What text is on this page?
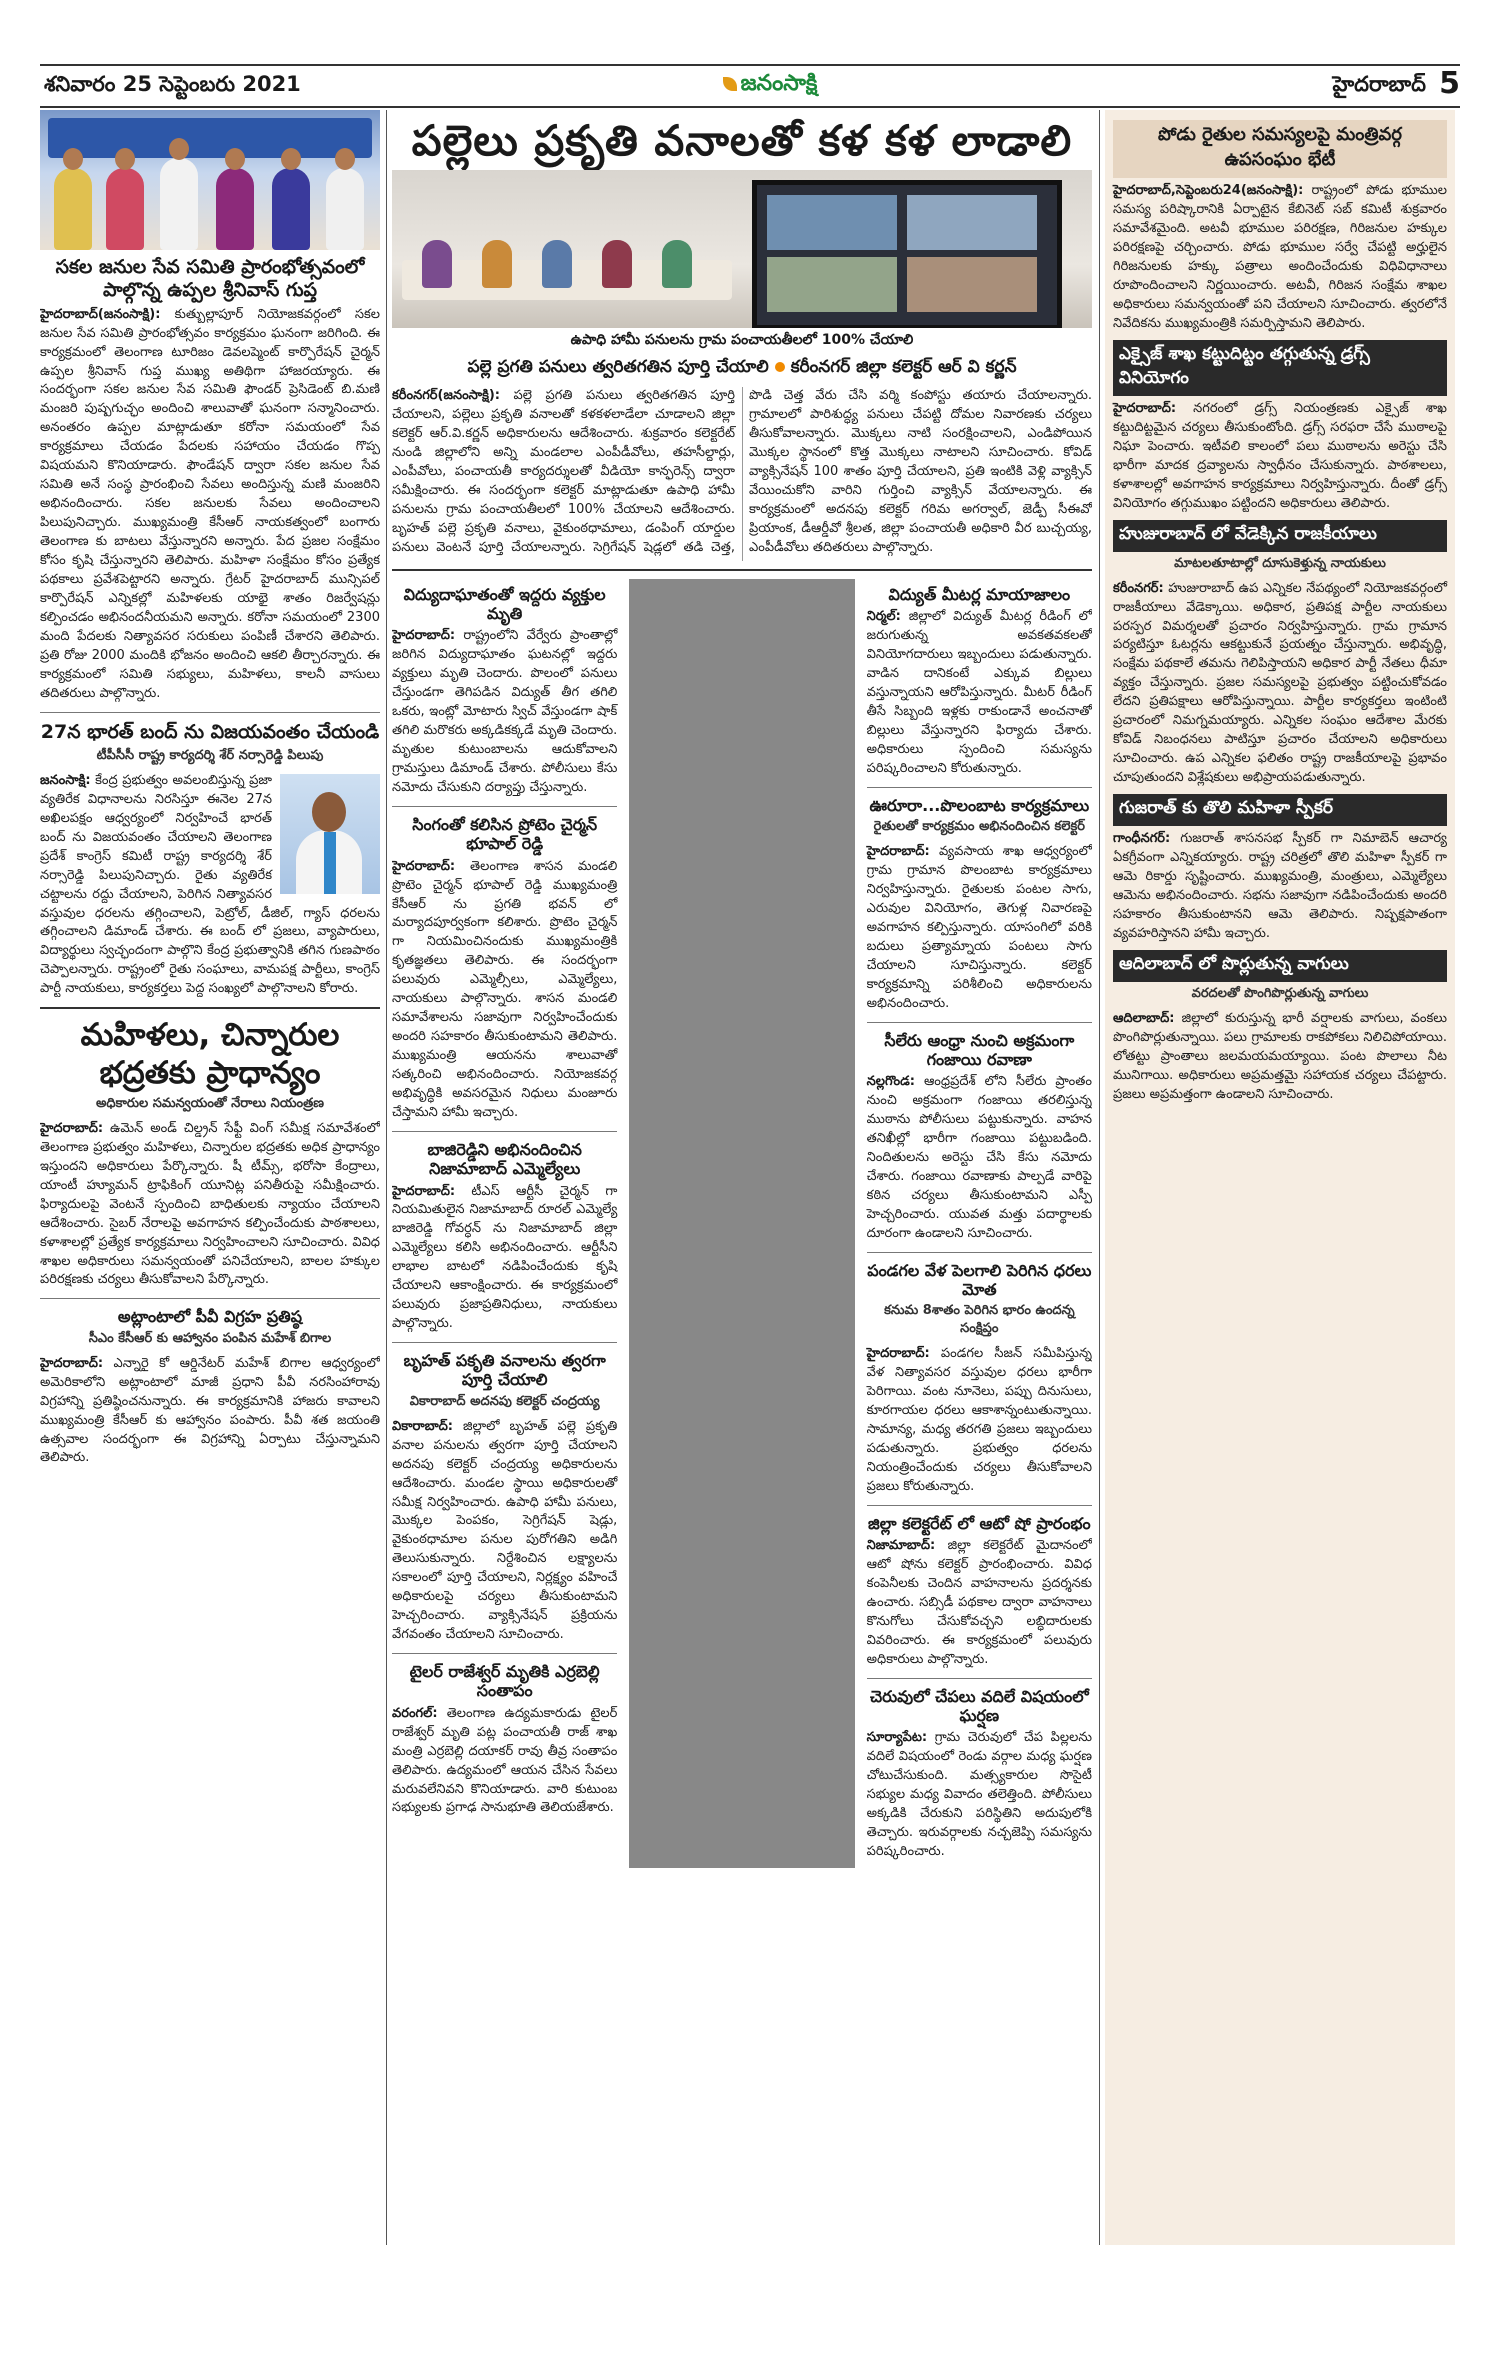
శనివారం 25 సెప్టెంబరు 2021	జనంసాక్షి	హైదరాబాద్ 5
సకల జనుల సేవ సమితి ప్రారంభోత్సవంలో పాల్గొన్న ఉప్పల శ్రీనివాస్ గుప్త

హైదరాబాద్(జనంసాక్షి): కుత్బుల్లాపూర్ నియోజకవర్గంలో సకల జనుల సేవ సమితి ప్రారంభోత్సవం కార్యక్రమం ఘనంగా జరిగింది. ఈ కార్యక్రమంలో తెలంగాణ టూరిజం డెవలప్మెంట్ కార్పొరేషన్ చైర్మన్ ఉప్పల శ్రీనివాస్ గుప్త ముఖ్య అతిథిగా హాజరయ్యారు. ఈ సందర్భంగా సకల జనుల సేవ సమితి ఫౌండర్ ప్రెసిడెంట్ బి.మణి మంజరి పుష్పగుచ్ఛం అందించి శాలువాతో ఘనంగా సన్మానించారు. అనంతరం ఉప్పల మాట్లాడుతూ కరోనా సమయంలో సేవ కార్యక్రమాలు చేయడం పేదలకు సహాయం చేయడం గొప్ప విషయమని కొనియాడారు. ఫౌండేషన్ ద్వారా సకల జనుల సేవ సమితి అనే సంస్థ ప్రారంభించి సేవలు అందిస్తున్న మణి మంజరిని అభినందించారు. సకల జనులకు సేవలు అందించాలని పిలుపునిచ్చారు. ముఖ్యమంత్రి కేసీఆర్ నాయకత్వంలో బంగారు తెలంగాణ కు బాటలు వేస్తున్నారని అన్నారు. పేద ప్రజల సంక్షేమం కోసం కృషి చేస్తున్నారని తెలిపారు. మహిళా సంక్షేమం కోసం ప్రత్యేక పథకాలు ప్రవేశపెట్టారని అన్నారు. గ్రేటర్ హైదరాబాద్ మున్సిపల్ కార్పొరేషన్ ఎన్నికల్లో మహిళలకు యాభై శాతం రిజర్వేషన్లు కల్పించడం అభినందనీయమని అన్నారు. కరోనా సమయంలో 2300 మంది పేదలకు నిత్యావసర సరుకులు పంపిణీ చేశారని తెలిపారు. ప్రతి రోజు 2000 మందికి భోజనం అందించి ఆకలి తీర్చారన్నారు. ఈ కార్యక్రమంలో సమితి సభ్యులు, మహిళలు, కాలనీ వాసులు తదితరులు పాల్గొన్నారు.

27న భారత్ బంద్ ను విజయవంతం చేయండి
టీపీసీసీ రాష్ట్ర కార్యదర్శి శేర్ నర్సారెడ్డి పిలుపు

జనంసాక్షి: కేంద్ర ప్రభుత్వం అవలంబిస్తున్న ప్రజా వ్యతిరేక విధానాలను నిరసిస్తూ ఈనెల 27న అఖిలపక్షం ఆధ్వర్యంలో నిర్వహించే భారత్ బంద్ ను విజయవంతం చేయాలని తెలంగాణ ప్రదేశ్ కాంగ్రెస్ కమిటీ రాష్ట్ర కార్యదర్శి శేర్ నర్సారెడ్డి పిలుపునిచ్చారు. రైతు వ్యతిరేక చట్టాలను రద్దు చేయాలని, పెరిగిన నిత్యావసర వస్తువుల ధరలను తగ్గించాలని, పెట్రోల్, డీజిల్, గ్యాస్ ధరలను తగ్గించాలని డిమాండ్ చేశారు. ఈ బంద్ లో ప్రజలు, వ్యాపారులు, విద్యార్థులు స్వచ్ఛందంగా పాల్గొని కేంద్ర ప్రభుత్వానికి తగిన గుణపాఠం చెప్పాలన్నారు. రాష్ట్రంలో రైతు సంఘాలు, వామపక్ష పార్టీలు, కాంగ్రెస్ పార్టీ నాయకులు, కార్యకర్తలు పెద్ద సంఖ్యలో పాల్గొనాలని కోరారు.

మహిళలు, చిన్నారుల భద్రతకు ప్రాధాన్యం
అధికారుల సమన్వయంతో నేరాలు నియంత్రణ

హైదరాబాద్: ఉమెన్ అండ్ చిల్డ్రన్ సేఫ్టీ వింగ్ సమీక్ష సమావేశంలో తెలంగాణ ప్రభుత్వం మహిళలు, చిన్నారుల భద్రతకు అధిక ప్రాధాన్యం ఇస్తుందని అధికారులు పేర్కొన్నారు. షీ టీమ్స్, భరోసా కేంద్రాలు, యాంటీ హ్యూమన్ ట్రాఫికింగ్ యూనిట్ల పనితీరుపై సమీక్షించారు. ఫిర్యాదులపై వెంటనే స్పందించి బాధితులకు న్యాయం చేయాలని ఆదేశించారు. సైబర్ నేరాలపై అవగాహన కల్పించేందుకు పాఠశాలలు, కళాశాలల్లో ప్రత్యేక కార్యక్రమాలు నిర్వహించాలని సూచించారు. వివిధ శాఖల అధికారులు సమన్వయంతో పనిచేయాలని, బాలల హక్కుల పరిరక్షణకు చర్యలు తీసుకోవాలని పేర్కొన్నారు.

అట్లాంటాలో పీవీ విగ్రహ ప్రతిష్ఠ
సీఎం కేసీఆర్ కు ఆహ్వానం పంపిన మహేశ్ బిగాల

హైదరాబాద్: ఎన్నారై కో ఆర్డినేటర్ మహేశ్ బిగాల ఆధ్వర్యంలో అమెరికాలోని అట్లాంటాలో మాజీ ప్రధాని పీవీ నరసింహారావు విగ్రహాన్ని ప్రతిష్ఠించనున్నారు. ఈ కార్యక్రమానికి హాజరు కావాలని ముఖ్యమంత్రి కేసీఆర్ కు ఆహ్వానం పంపారు. పీవీ శత జయంతి ఉత్సవాల సందర్భంగా ఈ విగ్రహాన్ని ఏర్పాటు చేస్తున్నామని తెలిపారు.

పల్లెలు ప్రకృతి వనాలతో కళ కళ లాడాలి
ఉపాధి హామీ పనులను గ్రామ పంచాయతీలలో 100% చేయాలి
పల్లె ప్రగతి పనులు త్వరితగతిన పూర్తి చేయాలి కరీంనగర్ జిల్లా కలెక్టర్ ఆర్ వి కర్ణన్

కరీంనగర్(జనంసాక్షి): పల్లె ప్రగతి పనులు త్వరితగతిన పూర్తి చేయాలని, పల్లెలు ప్రకృతి వనాలతో కళకళలాడేలా చూడాలని జిల్లా కలెక్టర్ ఆర్.వి.కర్ణన్ అధికారులను ఆదేశించారు. శుక్రవారం కలెక్టరేట్ నుండి జిల్లాలోని అన్ని మండలాల ఎంపీడీవోలు, తహసీల్దార్లు, ఎంపీవోలు, పంచాయతీ కార్యదర్శులతో వీడియో కాన్ఫరెన్స్ ద్వారా సమీక్షించారు. ఈ సందర్భంగా కలెక్టర్ మాట్లాడుతూ ఉపాధి హామీ పనులను గ్రామ పంచాయతీలలో 100% చేయాలని ఆదేశించారు. బృహత్ పల్లె ప్రకృతి వనాలు, వైకుంఠధామాలు, డంపింగ్ యార్డుల పనులు వెంటనే పూర్తి చేయాలన్నారు. సెగ్రిగేషన్ షెడ్లలో తడి చెత్త, పొడి చెత్త వేరు చేసి వర్మి కంపోస్టు తయారు చేయాలన్నారు. గ్రామాలలో పారిశుద్ధ్య పనులు చేపట్టి దోమల నివారణకు చర్యలు తీసుకోవాలన్నారు. మొక్కలు నాటి సంరక్షించాలని, ఎండిపోయిన మొక్కల స్థానంలో కొత్త మొక్కలు నాటాలని సూచించారు. కోవిడ్ వ్యాక్సినేషన్ 100 శాతం పూర్తి చేయాలని, ప్రతి ఇంటికి వెళ్లి వ్యాక్సిన్ వేయించుకోని వారిని గుర్తించి వ్యాక్సిన్ వేయాలన్నారు. ఈ కార్యక్రమంలో అదనపు కలెక్టర్ గరిమ అగర్వాల్, జెడ్పీ సీఈవో ప్రియాంక, డీఆర్డీవో శ్రీలత, జిల్లా పంచాయతీ అధికారి వీర బుచ్చయ్య, ఎంపీడీవోలు తదితరులు పాల్గొన్నారు.

విద్యుదాఘాతంతో ఇద్దరు వ్యక్తుల మృతి

హైదరాబాద్: రాష్ట్రంలోని వేర్వేరు ప్రాంతాల్లో జరిగిన విద్యుదాఘాతం ఘటనల్లో ఇద్దరు వ్యక్తులు మృతి చెందారు. పొలంలో పనులు చేస్తుండగా తెగిపడిన విద్యుత్ తీగ తగిలి ఒకరు, ఇంట్లో మోటారు స్విచ్ వేస్తుండగా షాక్ తగిలి మరొకరు అక్కడికక్కడే మృతి చెందారు. మృతుల కుటుంబాలను ఆదుకోవాలని గ్రామస్తులు డిమాండ్ చేశారు. పోలీసులు కేసు నమోదు చేసుకుని దర్యాప్తు చేస్తున్నారు.

సింగంతో కలిసిన ప్రోటెం చైర్మన్ భూపాల్ రెడ్డి

హైదరాబాద్: తెలంగాణ శాసన మండలి ప్రొటెం చైర్మన్ భూపాల్ రెడ్డి ముఖ్యమంత్రి కేసీఆర్ ను ప్రగతి భవన్ లో మర్యాదపూర్వకంగా కలిశారు. ప్రొటెం చైర్మన్ గా నియమించినందుకు ముఖ్యమంత్రికి కృతజ్ఞతలు తెలిపారు. ఈ సందర్భంగా పలువురు ఎమ్మెల్సీలు, ఎమ్మెల్యేలు, నాయకులు పాల్గొన్నారు. శాసన మండలి సమావేశాలను సజావుగా నిర్వహించేందుకు అందరి సహకారం తీసుకుంటామని తెలిపారు. ముఖ్యమంత్రి ఆయనను శాలువాతో సత్కరించి అభినందించారు. నియోజకవర్గ అభివృద్ధికి అవసరమైన నిధులు మంజూరు చేస్తామని హామీ ఇచ్చారు.

బాజిరెడ్డిని అభినందించిన నిజామాబాద్ ఎమ్మెల్యేలు

హైదరాబాద్: టీఎస్ ఆర్టీసీ చైర్మన్ గా నియమితులైన నిజామాబాద్ రూరల్ ఎమ్మెల్యే బాజిరెడ్డి గోవర్ధన్ ను నిజామాబాద్ జిల్లా ఎమ్మెల్యేలు కలిసి అభినందించారు. ఆర్టీసీని లాభాల బాటలో నడిపించేందుకు కృషి చేయాలని ఆకాంక్షించారు. ఈ కార్యక్రమంలో పలువురు ప్రజాప్రతినిధులు, నాయకులు పాల్గొన్నారు.

బృహత్ పకృతి వనాలను త్వరగా పూర్తి చేయాలి
వికారాబాద్ అదనపు కలెక్టర్ చంద్రయ్య

వికారాబాద్: జిల్లాలో బృహత్ పల్లె ప్రకృతి వనాల పనులను త్వరగా పూర్తి చేయాలని అదనపు కలెక్టర్ చంద్రయ్య అధికారులను ఆదేశించారు. మండల స్థాయి అధికారులతో సమీక్ష నిర్వహించారు. ఉపాధి హామీ పనులు, మొక్కల పెంపకం, సెగ్రిగేషన్ షెడ్లు, వైకుంఠధామాల పనుల పురోగతిని అడిగి తెలుసుకున్నారు. నిర్దేశించిన లక్ష్యాలను సకాలంలో పూర్తి చేయాలని, నిర్లక్ష్యం వహించే అధికారులపై చర్యలు తీసుకుంటామని హెచ్చరించారు. వ్యాక్సినేషన్ ప్రక్రియను వేగవంతం చేయాలని సూచించారు.

టైలర్ రాజేశ్వర్ మృతికి ఎర్రబెల్లి సంతాపం

వరంగల్: తెలంగాణ ఉద్యమకారుడు టైలర్ రాజేశ్వర్ మృతి పట్ల పంచాయతీ రాజ్ శాఖ మంత్రి ఎర్రబెల్లి దయాకర్ రావు తీవ్ర సంతాపం తెలిపారు. ఉద్యమంలో ఆయన చేసిన సేవలు మరువలేనివని కొనియాడారు. వారి కుటుంబ సభ్యులకు ప్రగాఢ సానుభూతి తెలియజేశారు.

విద్యుత్ మీటర్ల మాయాజాలం

నిర్మల్: జిల్లాలో విద్యుత్ మీటర్ల రీడింగ్ లో జరుగుతున్న అవకతవకలతో వినియోగదారులు ఇబ్బందులు పడుతున్నారు. వాడిన దానికంటే ఎక్కువ బిల్లులు వస్తున్నాయని ఆరోపిస్తున్నారు. మీటర్ రీడింగ్ తీసే సిబ్బంది ఇళ్లకు రాకుండానే అంచనాతో బిల్లులు వేస్తున్నారని ఫిర్యాదు చేశారు. అధికారులు స్పందించి సమస్యను పరిష్కరించాలని కోరుతున్నారు.

ఊరూరా...పొలంబాట కార్యక్రమాలు
రైతులతో కార్యక్రమం అభినందించిన కలెక్టర్

హైదరాబాద్: వ్యవసాయ శాఖ ఆధ్వర్యంలో గ్రామ గ్రామాన పొలంబాట కార్యక్రమాలు నిర్వహిస్తున్నారు. రైతులకు పంటల సాగు, ఎరువుల వినియోగం, తెగుళ్ల నివారణపై అవగాహన కల్పిస్తున్నారు. యాసంగిలో వరికి బదులు ప్రత్యామ్నాయ పంటలు సాగు చేయాలని సూచిస్తున్నారు. కలెక్టర్ కార్యక్రమాన్ని పరిశీలించి అధికారులను అభినందించారు.

సీలేరు ఆంధ్రా నుంచి అక్రమంగా గంజాయి రవాణా

నల్లగొండ: ఆంధ్రప్రదేశ్ లోని సీలేరు ప్రాంతం నుంచి అక్రమంగా గంజాయి తరలిస్తున్న ముఠాను పోలీసులు పట్టుకున్నారు. వాహన తనిఖీల్లో భారీగా గంజాయి పట్టుబడింది. నిందితులను అరెస్టు చేసి కేసు నమోదు చేశారు. గంజాయి రవాణాకు పాల్పడే వారిపై కఠిన చర్యలు తీసుకుంటామని ఎస్పీ హెచ్చరించారు. యువత మత్తు పదార్థాలకు దూరంగా ఉండాలని సూచించారు.

పండగల వేళ పెలగాలి పెరిగిన ధరలు మోత
కనుమ 8శాతం పెరిగిన భారం ఉందన్న సంక్షిప్తం

హైదరాబాద్: పండగల సీజన్ సమీపిస్తున్న వేళ నిత్యావసర వస్తువుల ధరలు భారీగా పెరిగాయి. వంట నూనెలు, పప్పు దినుసులు, కూరగాయల ధరలు ఆకాశాన్నంటుతున్నాయి. సామాన్య, మధ్య తరగతి ప్రజలు ఇబ్బందులు పడుతున్నారు. ప్రభుత్వం ధరలను నియంత్రించేందుకు చర్యలు తీసుకోవాలని ప్రజలు కోరుతున్నారు.

జిల్లా కలెక్టరేట్ లో ఆటో షో ప్రారంభం

నిజామాబాద్: జిల్లా కలెక్టరేట్ మైదానంలో ఆటో షోను కలెక్టర్ ప్రారంభించారు. వివిధ కంపెనీలకు చెందిన వాహనాలను ప్రదర్శనకు ఉంచారు. సబ్సిడీ పథకాల ద్వారా వాహనాలు కొనుగోలు చేసుకోవచ్చని లబ్ధిదారులకు వివరించారు. ఈ కార్యక్రమంలో పలువురు అధికారులు పాల్గొన్నారు.

చెరువులో చేపలు వదిలే విషయంలో ఘర్షణ

సూర్యాపేట: గ్రామ చెరువులో చేప పిల్లలను వదిలే విషయంలో రెండు వర్గాల మధ్య ఘర్షణ చోటుచేసుకుంది. మత్స్యకారుల సొసైటీ సభ్యుల మధ్య వివాదం తలెత్తింది. పోలీసులు అక్కడికి చేరుకుని పరిస్థితిని అదుపులోకి తెచ్చారు. ఇరువర్గాలకు నచ్చజెప్పి సమస్యను పరిష్కరించారు.

పోడు రైతుల సమస్యలపై మంత్రివర్గ ఉపసంఘం భేటీ

హైదరాబాద్,సెప్టెంబరు24(జనంసాక్షి): రాష్ట్రంలో పోడు భూముల సమస్య పరిష్కారానికి ఏర్పాటైన కేబినెట్ సబ్ కమిటీ శుక్రవారం సమావేశమైంది. అటవీ భూముల పరిరక్షణ, గిరిజనుల హక్కుల పరిరక్షణపై చర్చించారు. పోడు భూముల సర్వే చేపట్టి అర్హులైన గిరిజనులకు హక్కు పత్రాలు అందించేందుకు విధివిధానాలు రూపొందించాలని నిర్ణయించారు. అటవీ, గిరిజన సంక్షేమ శాఖల అధికారులు సమన్వయంతో పని చేయాలని సూచించారు. త్వరలోనే నివేదికను ముఖ్యమంత్రికి సమర్పిస్తామని తెలిపారు.

ఎక్సైజ్ శాఖ కట్టుదిట్టం తగ్గుతున్న డ్రగ్స్ వినియోగం

హైదరాబాద్: నగరంలో డ్రగ్స్ నియంత్రణకు ఎక్సైజ్ శాఖ కట్టుదిట్టమైన చర్యలు తీసుకుంటోంది. డ్రగ్స్ సరఫరా చేసే ముఠాలపై నిఘా పెంచారు. ఇటీవలి కాలంలో పలు ముఠాలను అరెస్టు చేసి భారీగా మాదక ద్రవ్యాలను స్వాధీనం చేసుకున్నారు. పాఠశాలలు, కళాశాలల్లో అవగాహన కార్యక్రమాలు నిర్వహిస్తున్నారు. దీంతో డ్రగ్స్ వినియోగం తగ్గుముఖం పట్టిందని అధికారులు తెలిపారు.

హుజురాబాద్ లో వేడెక్కిన రాజకీయాలు
మాటలతూటాల్లో దూసుకెళ్తున్న నాయకులు

కరీంనగర్: హుజురాబాద్ ఉప ఎన్నికల నేపథ్యంలో నియోజకవర్గంలో రాజకీయాలు వేడెక్కాయి. అధికార, ప్రతిపక్ష పార్టీల నాయకులు పరస్పర విమర్శలతో ప్రచారం నిర్వహిస్తున్నారు. గ్రామ గ్రామాన పర్యటిస్తూ ఓటర్లను ఆకట్టుకునే ప్రయత్నం చేస్తున్నారు. అభివృద్ధి, సంక్షేమ పథకాలే తమను గెలిపిస్తాయని అధికార పార్టీ నేతలు ధీమా వ్యక్తం చేస్తున్నారు. ప్రజల సమస్యలపై ప్రభుత్వం పట్టించుకోవడం లేదని ప్రతిపక్షాలు ఆరోపిస్తున్నాయి. పార్టీల కార్యకర్తలు ఇంటింటి ప్రచారంలో నిమగ్నమయ్యారు. ఎన్నికల సంఘం ఆదేశాల మేరకు కోవిడ్ నిబంధనలు పాటిస్తూ ప్రచారం చేయాలని అధికారులు సూచించారు. ఉప ఎన్నికల ఫలితం రాష్ట్ర రాజకీయాలపై ప్రభావం చూపుతుందని విశ్లేషకులు అభిప్రాయపడుతున్నారు.

గుజరాత్ కు తొలి మహిళా స్పీకర్

గాంధీనగర్: గుజరాత్ శాసనసభ స్పీకర్ గా నిమాబెన్ ఆచార్య ఏకగ్రీవంగా ఎన్నికయ్యారు. రాష్ట్ర చరిత్రలో తొలి మహిళా స్పీకర్ గా ఆమె రికార్డు సృష్టించారు. ముఖ్యమంత్రి, మంత్రులు, ఎమ్మెల్యేలు ఆమెను అభినందించారు. సభను సజావుగా నడిపించేందుకు అందరి సహకారం తీసుకుంటానని ఆమె తెలిపారు. నిష్పక్షపాతంగా వ్యవహరిస్తానని హామీ ఇచ్చారు.

ఆదిలాబాద్ లో పొర్లుతున్న వాగులు
వరదలతో పొంగిపొర్లుతున్న వాగులు

ఆదిలాబాద్: జిల్లాలో కురుస్తున్న భారీ వర్షాలకు వాగులు, వంకలు పొంగిపొర్లుతున్నాయి. పలు గ్రామాలకు రాకపోకలు నిలిచిపోయాయి. లోతట్టు ప్రాంతాలు జలమయమయ్యాయి. పంట పొలాలు నీట మునిగాయి. అధికారులు అప్రమత్తమై సహాయక చర్యలు చేపట్టారు. ప్రజలు అప్రమత్తంగా ఉండాలని సూచించారు.
